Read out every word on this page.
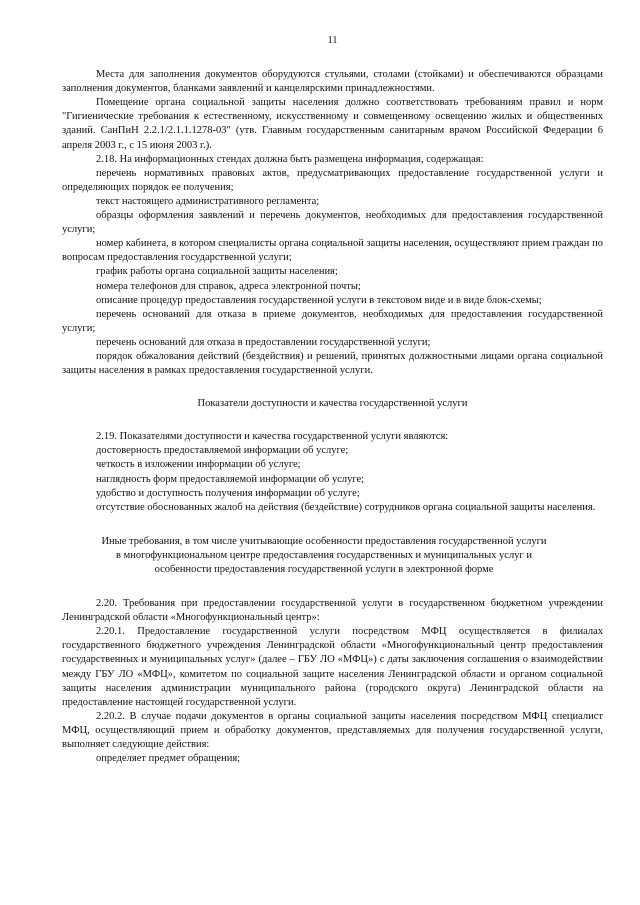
11

Места для заполнения документов оборудуются стульями, столами (стойками) и обеспечиваются образцами заполнения документов, бланками заявлений и канцелярскими принадлежностями.

Помещение органа социальной защиты населения должно соответствовать требованиям правил и норм "Гигиенические требования к естественному, искусственному и совмещенному освещению жилых и общественных зданий. СанПиН 2.2.1/2.1.1.1278-03" (утв. Главным государственным санитарным врачом Российской Федерации 6 апреля 2003 г., с 15 июня 2003 г.).

2.18. На информационных стендах должна быть размещена информация, содержащая:

перечень нормативных правовых актов, предусматривающих предоставление государственной услуги и определяющих порядок ее получения;

текст настоящего административного регламента;

образцы оформления заявлений и перечень документов, необходимых для предоставления государственной услуги;

номер кабинета, в котором специалисты органа социальной защиты населения, осуществляют прием граждан по вопросам предоставления государственной услуги;

график работы органа социальной защиты населения;

номера телефонов для справок, адреса электронной почты;

описание процедур предоставления государственной услуги в текстовом виде и в виде блок-схемы;

перечень оснований для отказа в приеме документов, необходимых для предоставления государственной услуги;

перечень оснований для отказа в предоставлении государственной услуги;

порядок обжалования действий (бездействия) и решений, принятых должностными лицами органа социальной защиты населения в рамках предоставления государственной услуги.

Показатели доступности и качества государственной услуги

2.19. Показателями доступности и качества государственной услуги являются:

достоверность предоставляемой информации об услуге;

четкость в изложении информации об услуге;

наглядность форм предоставляемой информации об услуге;

удобство и доступность получения информации об услуге;

отсутствие обоснованных жалоб на действия (бездействие) сотрудников органа социальной защиты населения.

Иные требования, в том числе учитывающие особенности предоставления государственной услуги

в многофункциональном центре предоставления государственных и муниципальных услуг и

особенности предоставления государственной услуги в электронной форме

2.20. Требования при предоставлении государственной услуги в государственном бюджетном учреждении Ленинградской области «Многофункциональный центр»:

2.20.1. Предоставление государственной услуги посредством МФЦ осуществляется в филиалах государственного бюджетного учреждения Ленинградской области «Многофункциональный центр предоставления государственных и муниципальных услуг» (далее – ГБУ ЛО «МФЦ») с даты заключения соглашения о взаимодействии между ГБУ ЛО «МФЦ», комитетом по социальной защите населения Ленинградской области и органом социальной защиты населения администрации муниципального района (городского округа) Ленинградской области на предоставление настоящей государственной услуги.

2.20.2. В случае подачи документов в органы социальной защиты населения посредством МФЦ специалист МФЦ, осуществляющий прием и обработку документов, представляемых для получения государственной услуги, выполняет следующие действия:

определяет предмет обращения;
